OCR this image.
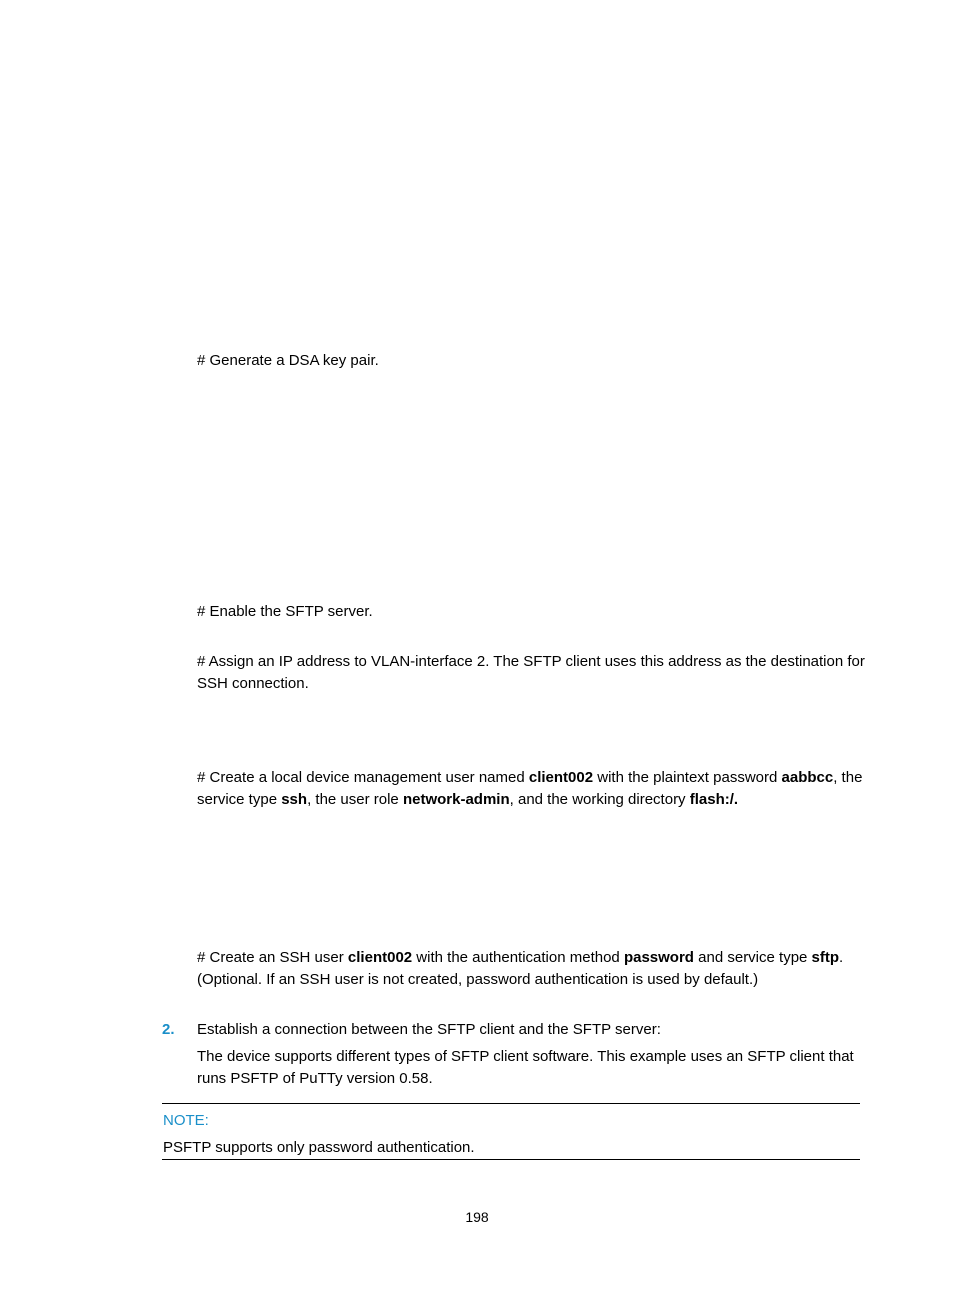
# Generate a DSA key pair.

# Enable the SFTP server.

# Assign an IP address to VLAN-interface 2. The SFTP client uses this address as the destination for SSH connection.

# Create a local device management user named client002 with the plaintext password aabbcc, the service type ssh, the user role network-admin, and the working directory flash:/.

# Create an SSH user client002 with the authentication method password and service type sftp. (Optional. If an SSH user is not created, password authentication is used by default.)

2. Establish a connection between the SFTP client and the SFTP server:

The device supports different types of SFTP client software. This example uses an SFTP client that runs PSFTP of PuTTy version 0.58.

NOTE:
PSFTP supports only password authentication.
198
